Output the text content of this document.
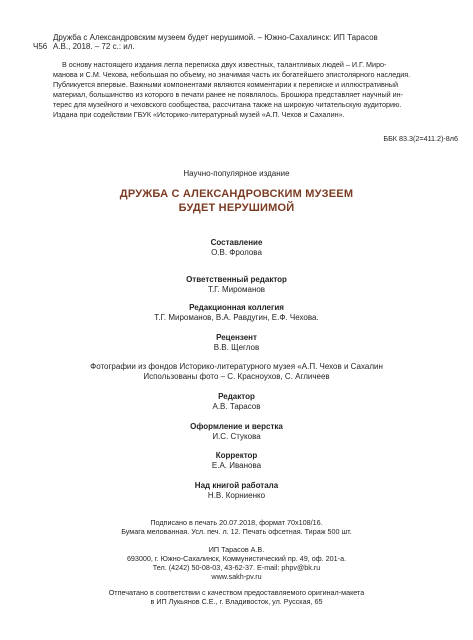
Дружба с Александровским музеем будет нерушимой. – Южно-Сахалинск: ИП Тарасов
Ч56 А.В., 2018. – 72 с.: ил.
В основу настоящего издания легла переписка двух известных, талантливых людей – И.Г. Миро-
манова и С.М. Чехова, небольшая по объему, но значимая часть их богатейшего эпистолярного наследия.
Публикуется впервые. Важными компонентами являются комментарии к переписке и иллюстративный
материал, большинство из которого в печати ранее не появлялось. Брошюра представляет научный ин-
терес для музейного и чеховского сообщества, рассчитана также на широкую читательскую аудиторию.
Издана при содействии ГБУК «Историко-литературный музей «А.П. Чехов и Сахалин».
ББК 83.3(2=411.2)-8л6
Научно-популярное издание
ДРУЖБА С АЛЕКСАНДРОВСКИМ МУЗЕЕМ
БУДЕТ НЕРУШИМОЙ
Составление
О.В. Фролова
Ответственный редактор
Т.Г. Мироманов
Редакционная коллегия
Т.Г. Мироманов, В.А. Равдугин, Е.Ф. Чехова.
Рецензент
В.В. Щеглов
Фотографии из фондов Историко-литературного музея «А.П. Чехов и Сахалин
Использованы фото – С. Красноухов, С. Агличеев
Редактор
А.В. Тарасов
Оформление и верстка
И.С. Стукова
Корректор
Е.А. Иванова
Над книгой работала
Н.В. Корниенко
Подписано в печать 20.07.2018, формат 70х108/16.
Бумага мелованная. Усл. печ. л. 12. Печать офсетная. Тираж 500 шт.
ИП Тарасов А.В.
693000, г. Южно-Сахалинск, Коммунистический пр. 49, оф. 201-а.
Тел. (4242) 50-08-03, 43-62-37. E-mail: phpv@bk.ru
www.sakh-pv.ru
Отпечатано в соответствии с качеством предоставляемого оригинал-макета
в ИП Лукьянов С.Е., г. Владивосток, ул. Русская, 65
